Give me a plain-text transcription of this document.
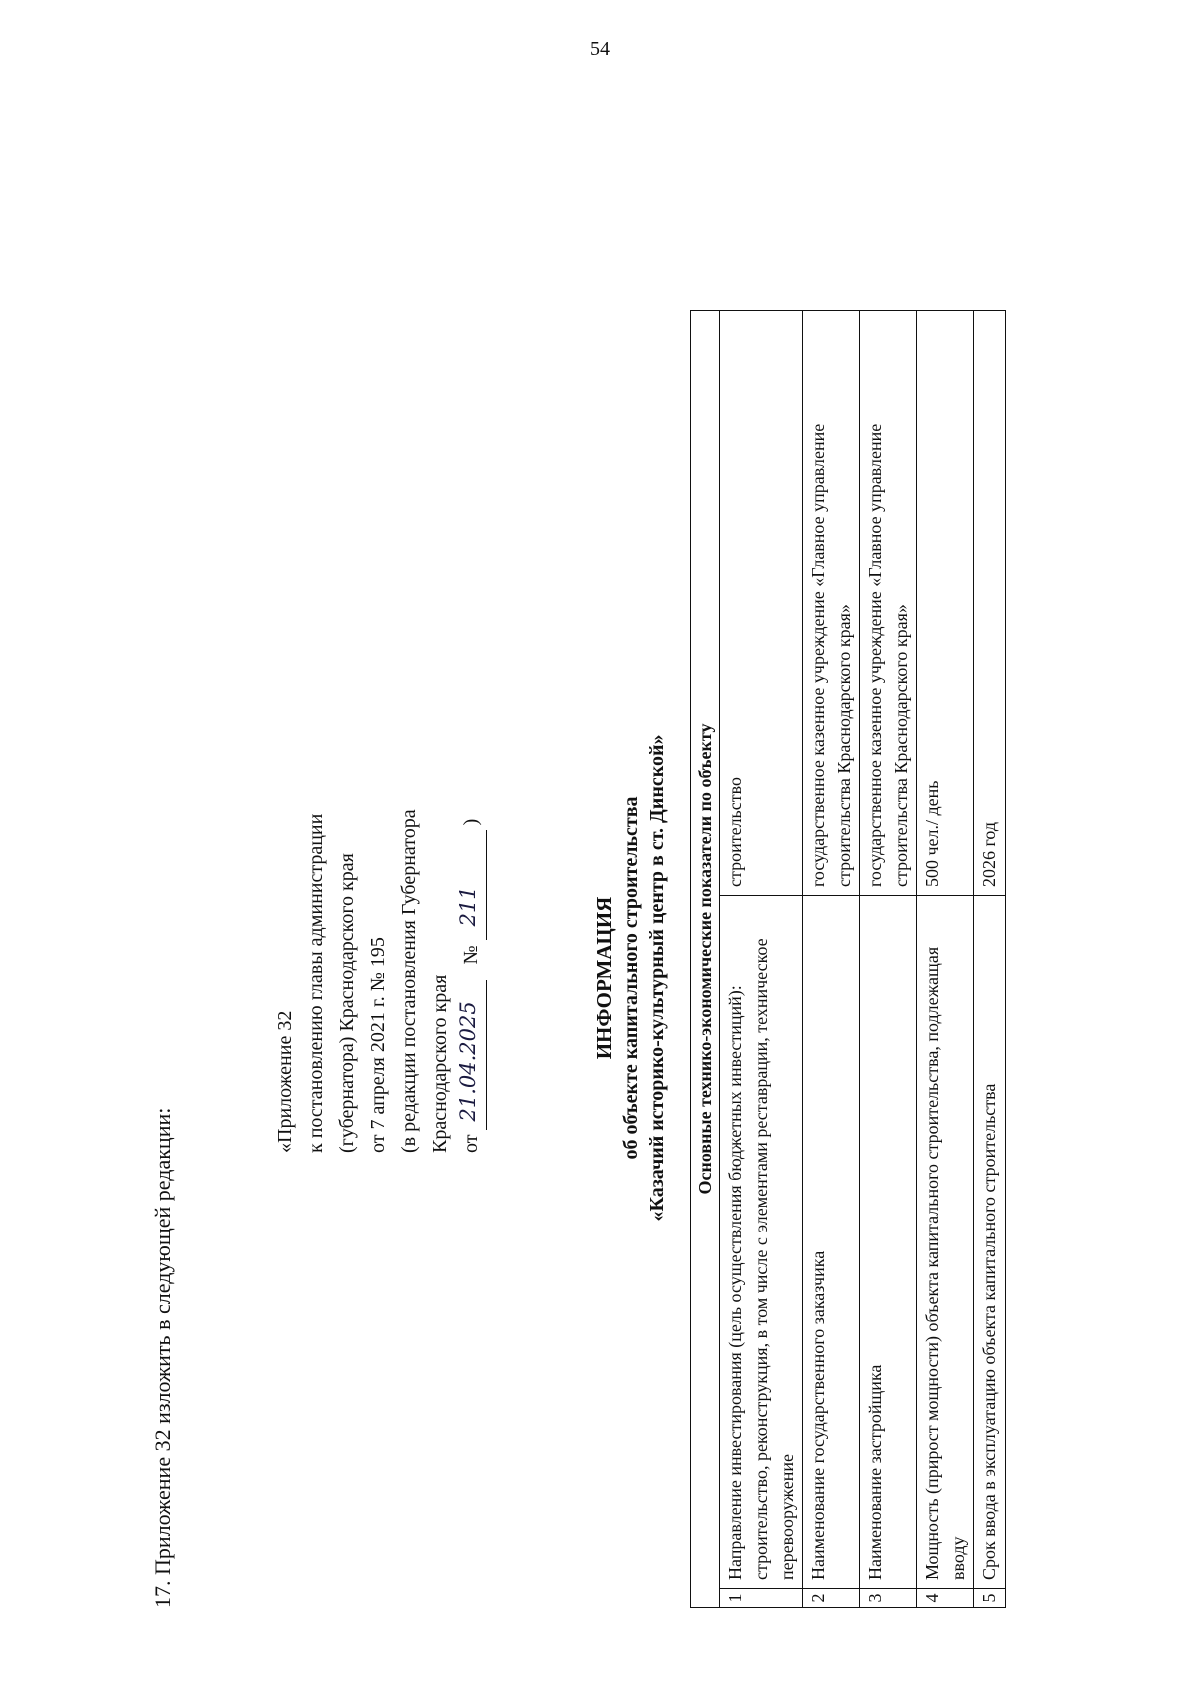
54
17. Приложение 32 изложить в следующей редакции:
«Приложение 32 к постановлению главы администрации (губернатора) Краснодарского края от 7 апреля 2021 г. № 195 (в редакции постановления Губернатора Краснодарского края от
21.04.2025
№
211
)
ИНФОРМАЦИЯ об объекте капитального строительства «Казачий историко-культурный центр в ст. Динской» Основные технико-экономические показатели по объекту		
1	Направление инвестирования (цель осуществления бюджетных инвестиций): строительство, реконструкция, в том числе с элементами реставрации, техническое перевооружение	строительство
2	Наименование государственного заказчика	государственное казенное учреждение «Главное управление строительства Краснодарского края»
3	Наименование застройщика	государственное казенное учреждение «Главное управление строительства Краснодарского края»
4	Мощность (прирост мощности) объекта капитального строительства, подлежащая вводу	500 чел./ день
5	Срок ввода в эксплуатацию объекта капитального строительства	2026 год
